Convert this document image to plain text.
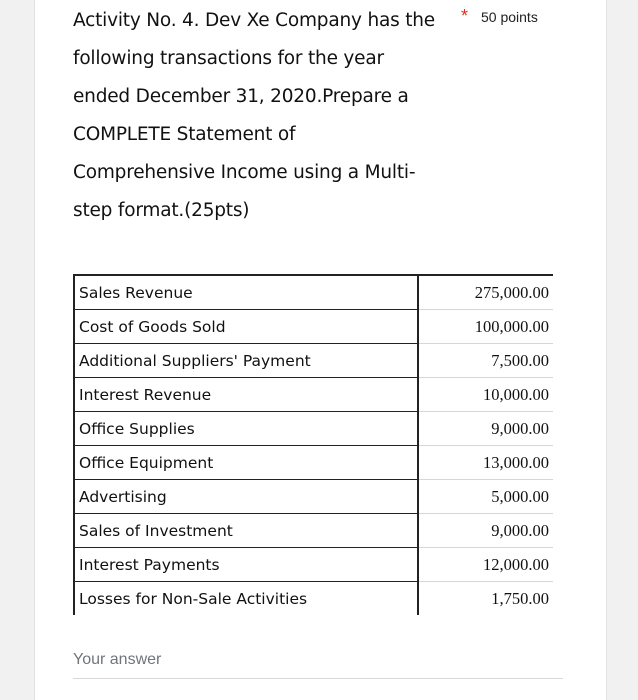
Activity No. 4. Dev Xe Company has the
following transactions for the year
ended December 31, 2020.Prepare a
COMPLETE Statement of
Comprehensive Income using a Multi-
step format.(25pts)
* 50 points
Sales Revenue	275,000.00
Cost of Goods Sold	100,000.00
Additional Suppliers' Payment	7,500.00
Interest Revenue	10,000.00
Office Supplies	9,000.00
Office Equipment	13,000.00
Advertising	5,000.00
Sales of Investment	9,000.00
Interest Payments	12,000.00
Losses for Non-Sale Activities	1,750.00
Your answer
